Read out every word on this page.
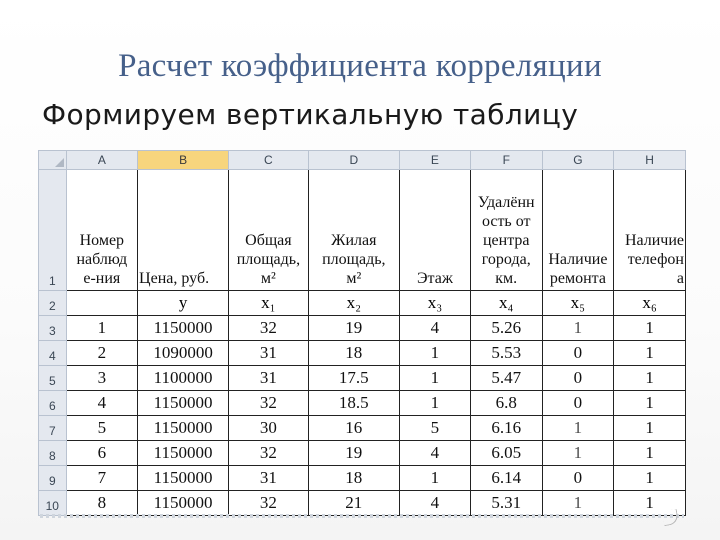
Расчет коэффициента корреляции
Формируем вертикальную таблицу
	A	B	C	D	E	F	G	H
1	Номер
наблюд
е-ния	Цена, руб.	Общая
площадь,
м²	Жилая
площадь,
м²	Этаж	Удалённ
ость от
центра
города,
км.	Наличие
ремонта	Наличие
телефон
а
2		y	x₁	x₂	x₃	x₄	x₅	x₆
3	1	1150000	32	19	4	5.26	1	1
4	2	1090000	31	18	1	5.53	0	1
5	3	1100000	31	17.5	1	5.47	0	1
6	4	1150000	32	18.5	1	6.8	0	1
7	5	1150000	30	16	5	6.16	1	1
8	6	1150000	32	19	4	6.05	1	1
9	7	1150000	31	18	1	6.14	0	1
10	8	1150000	32	21	4	5.31	1	1
